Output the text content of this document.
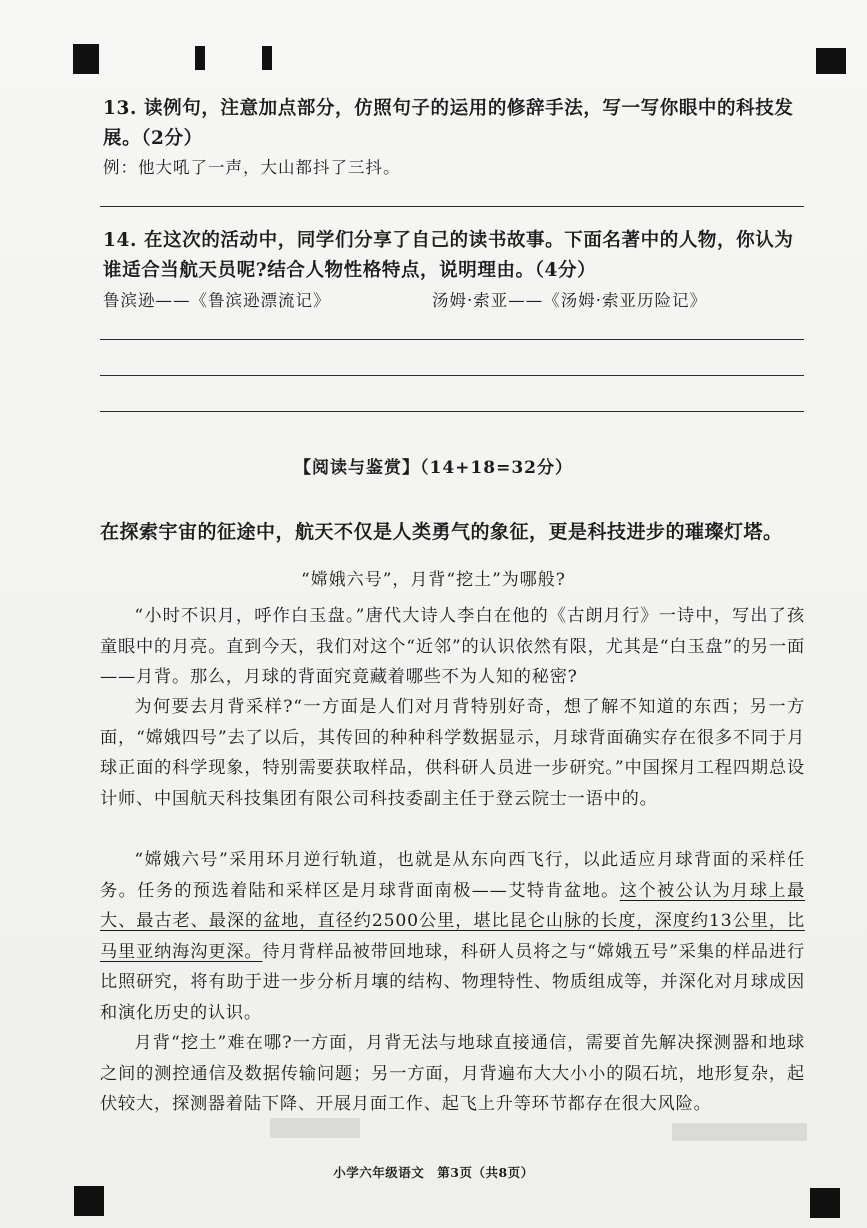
13. 读例句，注意加点部分，仿照句子的运用的修辞手法，写一写你眼中的科技发展。（2分）
例：他大吼了一声，大山都抖了三抖。
14. 在这次的活动中，同学们分享了自己的读书故事。下面名著中的人物，你认为谁适合当航天员呢?结合人物性格特点，说明理由。（4分）
鲁滨逊——《鲁滨逊漂流记》	汤姆·索亚——《汤姆·索亚历险记》
【阅读与鉴赏】（14+18=32分）
在探索宇宙的征途中，航天不仅是人类勇气的象征，更是科技进步的璀璨灯塔。
“嫦娥六号”，月背“挖土”为哪般?
“小时不识月，呼作白玉盘。”唐代大诗人李白在他的《古朗月行》一诗中，写出了孩童眼中的月亮。直到今天，我们对这个“近邻”的认识依然有限，尤其是“白玉盘”的另一面——月背。那么，月球的背面究竟藏着哪些不为人知的秘密?
为何要去月背采样?“一方面是人们对月背特别好奇，想了解不知道的东西；另一方面，“嫦娥四号”去了以后，其传回的种种科学数据显示，月球背面确实存在很多不同于月球正面的科学现象，特别需要获取样品，供科研人员进一步研究。”中国探月工程四期总设计师、中国航天科技集团有限公司科技委副主任于登云院士一语中的。
“嫦娥六号”采用环月逆行轨道，也就是从东向西飞行，以此适应月球背面的采样任务。任务的预选着陆和采样区是月球背面南极——艾特肯盆地。这个被公认为月球上最大、最古老、最深的盆地，直径约2500公里，堪比昆仑山脉的长度，深度约13公里，比马里亚纳海沟更深。待月背样品被带回地球，科研人员将之与“嫦娥五号”采集的样品进行比照研究，将有助于进一步分析月壤的结构、物理特性、物质组成等，并深化对月球成因和演化历史的认识。
月背“挖土”难在哪?一方面，月背无法与地球直接通信，需要首先解决探测器和地球之间的测控通信及数据传输问题；另一方面，月背遍布大大小小的陨石坑，地形复杂，起伏较大，探测器着陆下降、开展月面工作、起飞上升等环节都存在很大风险。
小学六年级语文　第3页（共8页）
